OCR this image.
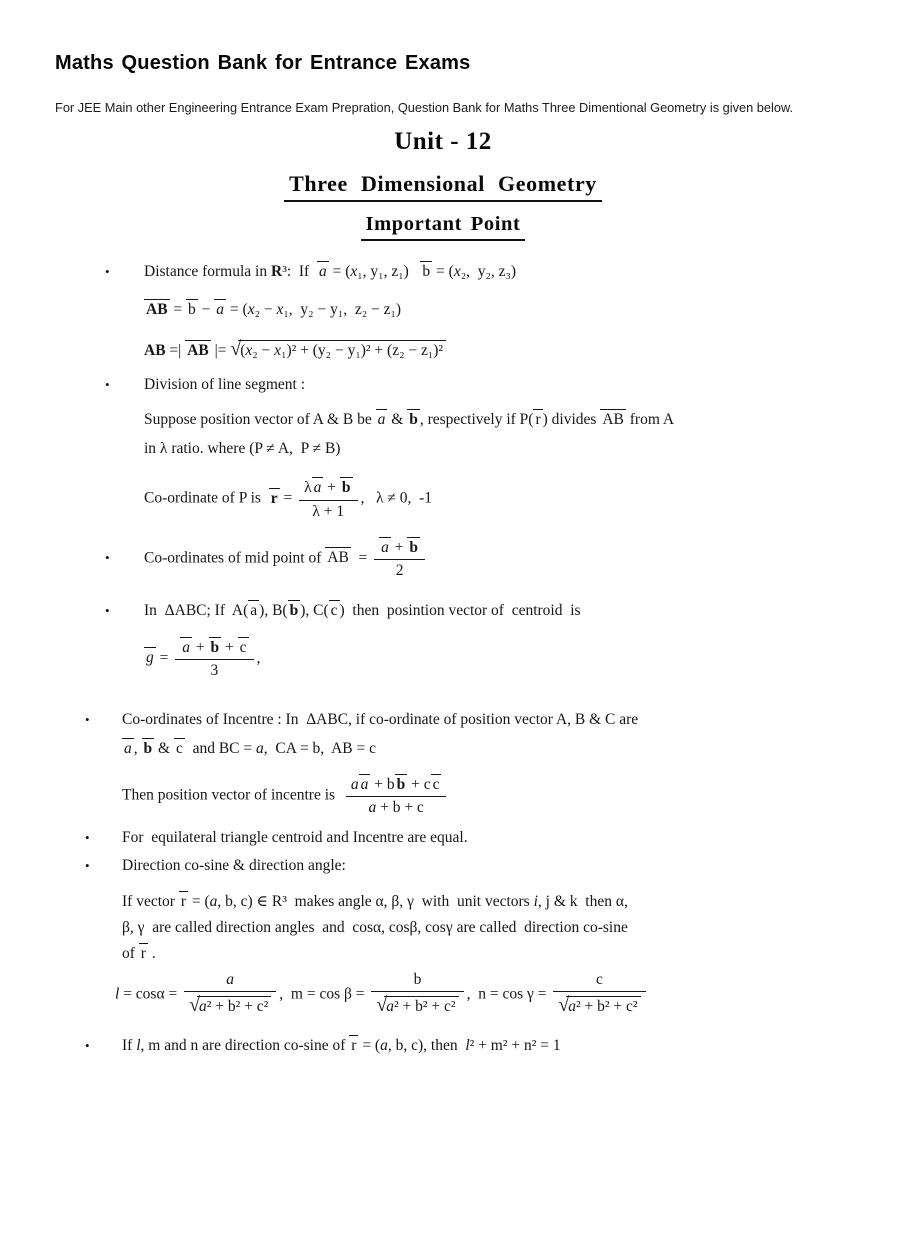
Maths Question Bank for Entrance Exams

For JEE Main other Engineering Entrance Exam Prepration, Question Bank for Maths Three Dimentional Geometry is given below.

Unit - 12
Three Dimensional Geometry
Important Point
•	Distance formula in R³:  If  a = (x₁, y₁, z₁)   b = (x₂,  y₂, z₃)
AB = b − a = (x₂ − x₁,  y₂ − y₁,  z₂ − z₁)
AB =| AB |= √(x₂ − x₁)² + (y₂ − y₁)² + (z₂ − z₁)²
•	Division of line segment :
Suppose position vector of A & B be a & b , respectively if P( r ) divides AB from A
in λ ratio. where (P ≠ A,  P ≠ B)
Co-ordinate of P is  $r = \frac{\text{λ a + b}}{\lambda + 1}$ ,   λ ≠ 0,  -1
•	Co-ordinates of mid point of AB  = $\frac{a + b}{2}$
•	In  ΔABC; If  A( a ), B( b ), C( c )  then  posintion vector of  centroid  is
$g = \frac{a + b + c}{3}$ ,
•	Co-ordinates of Incentre : In  ΔABC, if co-ordinate of position vector A, B & C are
a , b & c  and BC = a,  CA = b,  AB = c
Then position vector of incentre is $\frac{\text{a a + b b + c c}}{a + b + c}$
•	For  equilateral triangle centroid and Incentre are equal.
•	Direction co-sine & direction angle:
If vector r = (a, b, c) ∈ R³  makes angle α, β, γ  with  unit vectors i, j & k  then α,
β, γ  are called direction angles  and  cosα, cosβ, cosγ are called  direction co-sine
of r .
$l = \cos\alpha = \frac{a}{\text{√a² + b² + c²}}$ ,  $m = \cos \beta = \frac{b}{\text{√a² + b² + c²}}$ ,  $n = \cos \gamma = \frac{c}{\text{√a² + b² + c²}}$
•	If l, m and n are direction co-sine of r = (a, b, c), then  l² + m² + n² = 1
